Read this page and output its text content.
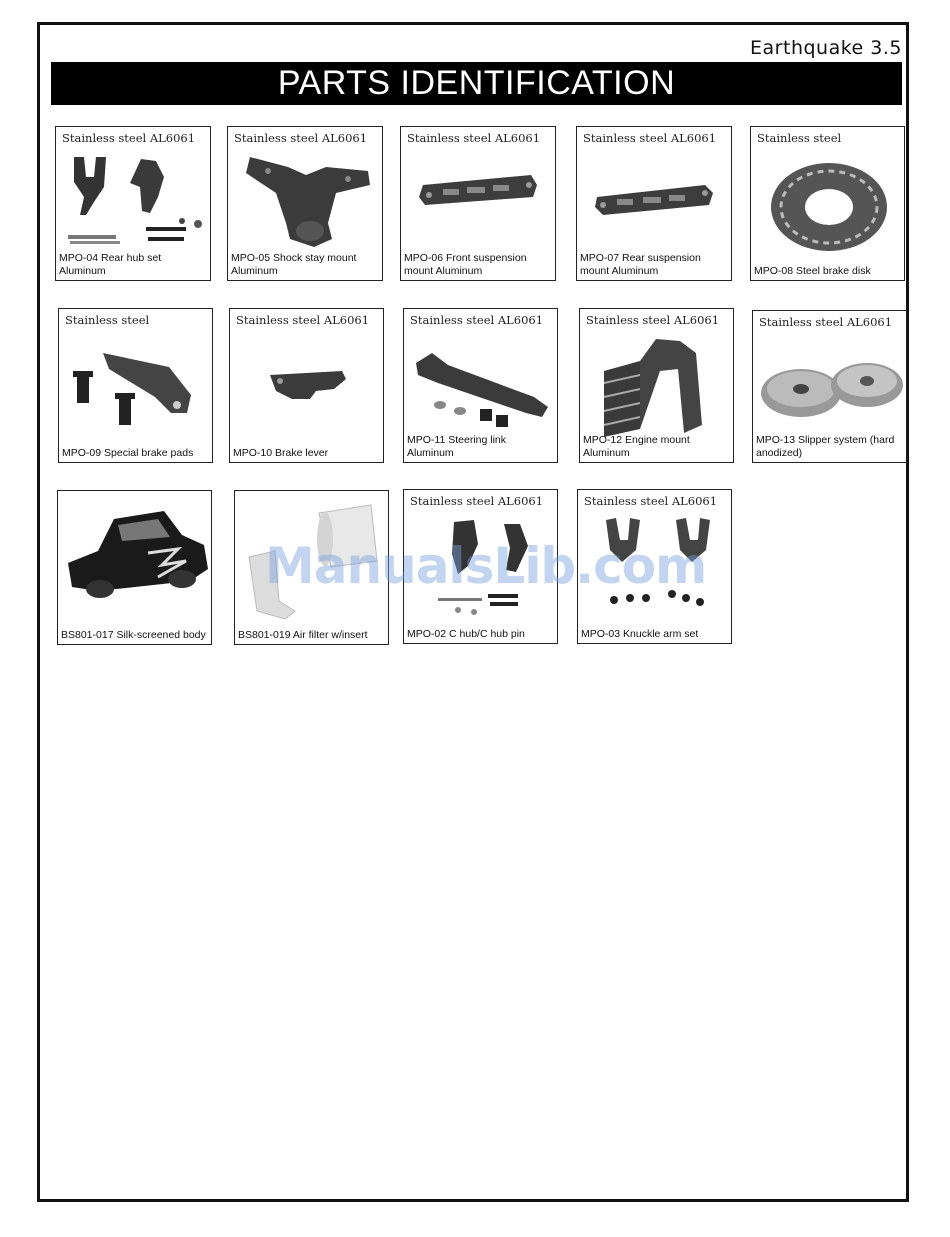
Earthquake 3.5
PARTS IDENTIFICATION
Stainless steel AL6061
MPO-04 Rear hub set Aluminum
Stainless steel AL6061
MPO-05 Shock stay mount Aluminum
Stainless steel AL6061
MPO-06 Front suspension mount Aluminum
Stainless steel AL6061
MPO-07 Rear suspension mount Aluminum
Stainless steel
MPO-08 Steel brake disk
Stainless steel
MPO-09 Special brake pads
Stainless steel AL6061
MPO-10 Brake lever
Stainless steel AL6061
MPO-11 Steering link Aluminum
Stainless steel AL6061
MPO-12 Engine mount Aluminum
Stainless steel AL6061
MPO-13 Slipper system (hard anodized)
BS801-017 Silk-screened body	BS801-019 Air filter w/insert
Stainless steel AL6061
MPO-02 C hub/C hub pin
Stainless steel AL6061
MPO-03 Knuckle arm set
ManualsLib.com
